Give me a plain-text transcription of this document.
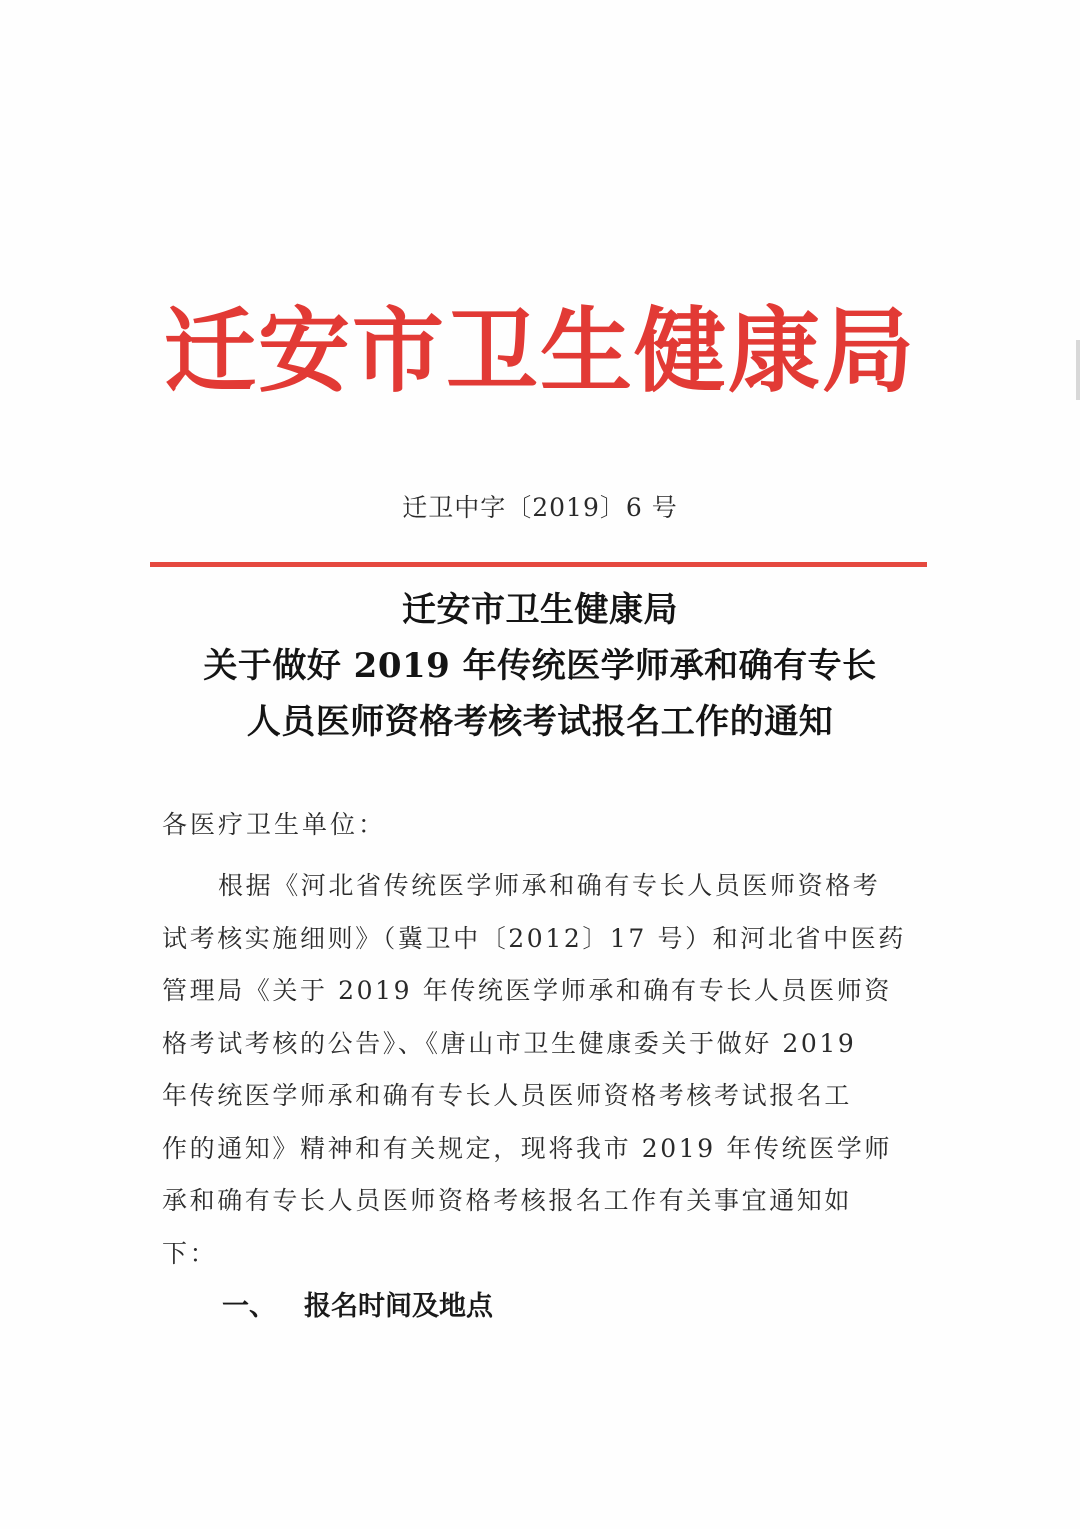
迁安市卫生健康局
迁卫中字〔2019〕6 号
迁安市卫生健康局
关于做好 2019 年传统医学师承和确有专长
人员医师资格考核考试报名工作的通知
各医疗卫生单位：
根据《河北省传统医学师承和确有专长人员医师资格考
试考核实施细则》（冀卫中〔2012〕17 号）和河北省中医药
管理局《关于 2019 年传统医学师承和确有专长人员医师资
格考试考核的公告》、《唐山市卫生健康委关于做好 2019
年传统医学师承和确有专长人员医师资格考核考试报名工
作的通知》精神和有关规定，现将我市 2019 年传统医学师
承和确有专长人员医师资格考核报名工作有关事宜通知如
下：
一、 报名时间及地点
